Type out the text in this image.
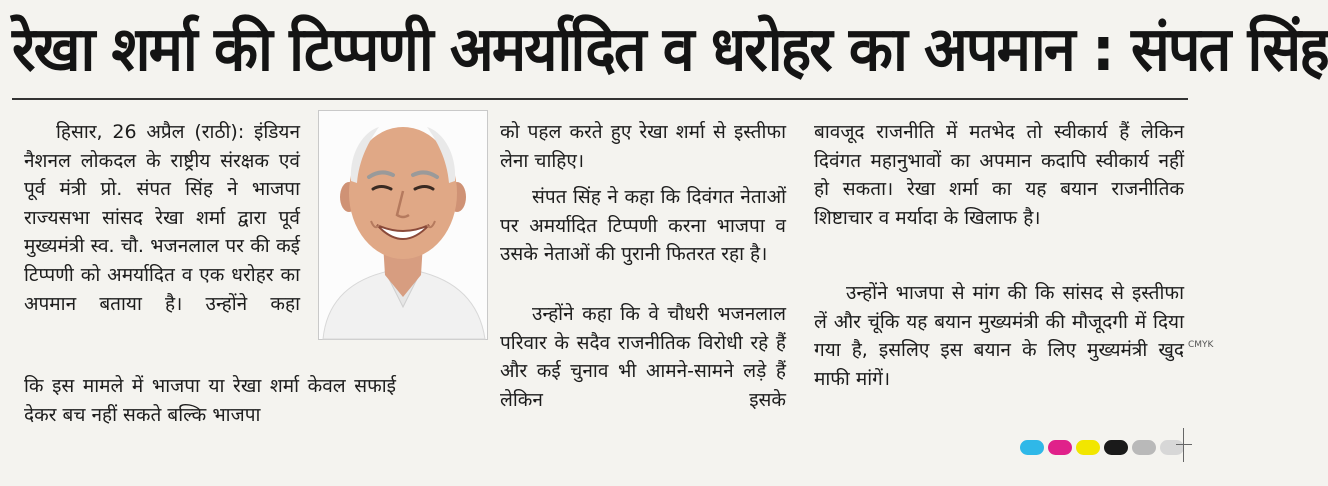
रेखा शर्मा की टिप्पणी अमर्यादित व धरोहर का अपमान : संपत सिंह

हिसार, 26 अप्रैल (राठी): इंडियन नैशनल लोकदल के राष्ट्रीय संरक्षक एवं पूर्व मंत्री प्रो. संपत सिंह ने भाजपा राज्यसभा सांसद रेखा शर्मा द्वारा पूर्व मुख्यमंत्री स्व. चौ. भजनलाल पर की कई टिप्पणी को अमर्यादित व एक धरोहर का अपमान बताया है। उन्होंने कहा

कि इस मामले में भाजपा या रेखा शर्मा केवल सफाई देकर बच नहीं सकते बल्कि भाजपा

को पहल करते हुए रेखा शर्मा से इस्तीफा लेना चाहिए।

संपत सिंह ने कहा कि दिवंगत नेताओं पर अमर्यादित टिप्पणी करना भाजपा व उसके नेताओं की पुरानी फितरत रहा है।

उन्होंने कहा कि वे चौधरी भजनलाल परिवार के सदैव राजनीतिक विरोधी रहे हैं और कई चुनाव भी आमने-सामने लड़े हैं लेकिन इसके

बावजूद राजनीति में मतभेद तो स्वीकार्य हैं लेकिन दिवंगत महानुभावों का अपमान कदापि स्वीकार्य नहीं हो सकता। रेखा शर्मा का यह बयान राजनीतिक शिष्टाचार व मर्यादा के खिलाफ है।

उन्होंने भाजपा से मांग की कि सांसद से इस्तीफा लें और चूंकि यह बयान मुख्यमंत्री की मौजूदगी में दिया गया है, इसलिए इस बयान के लिए मुख्यमंत्री खुद माफी मांगें।

CMYK
